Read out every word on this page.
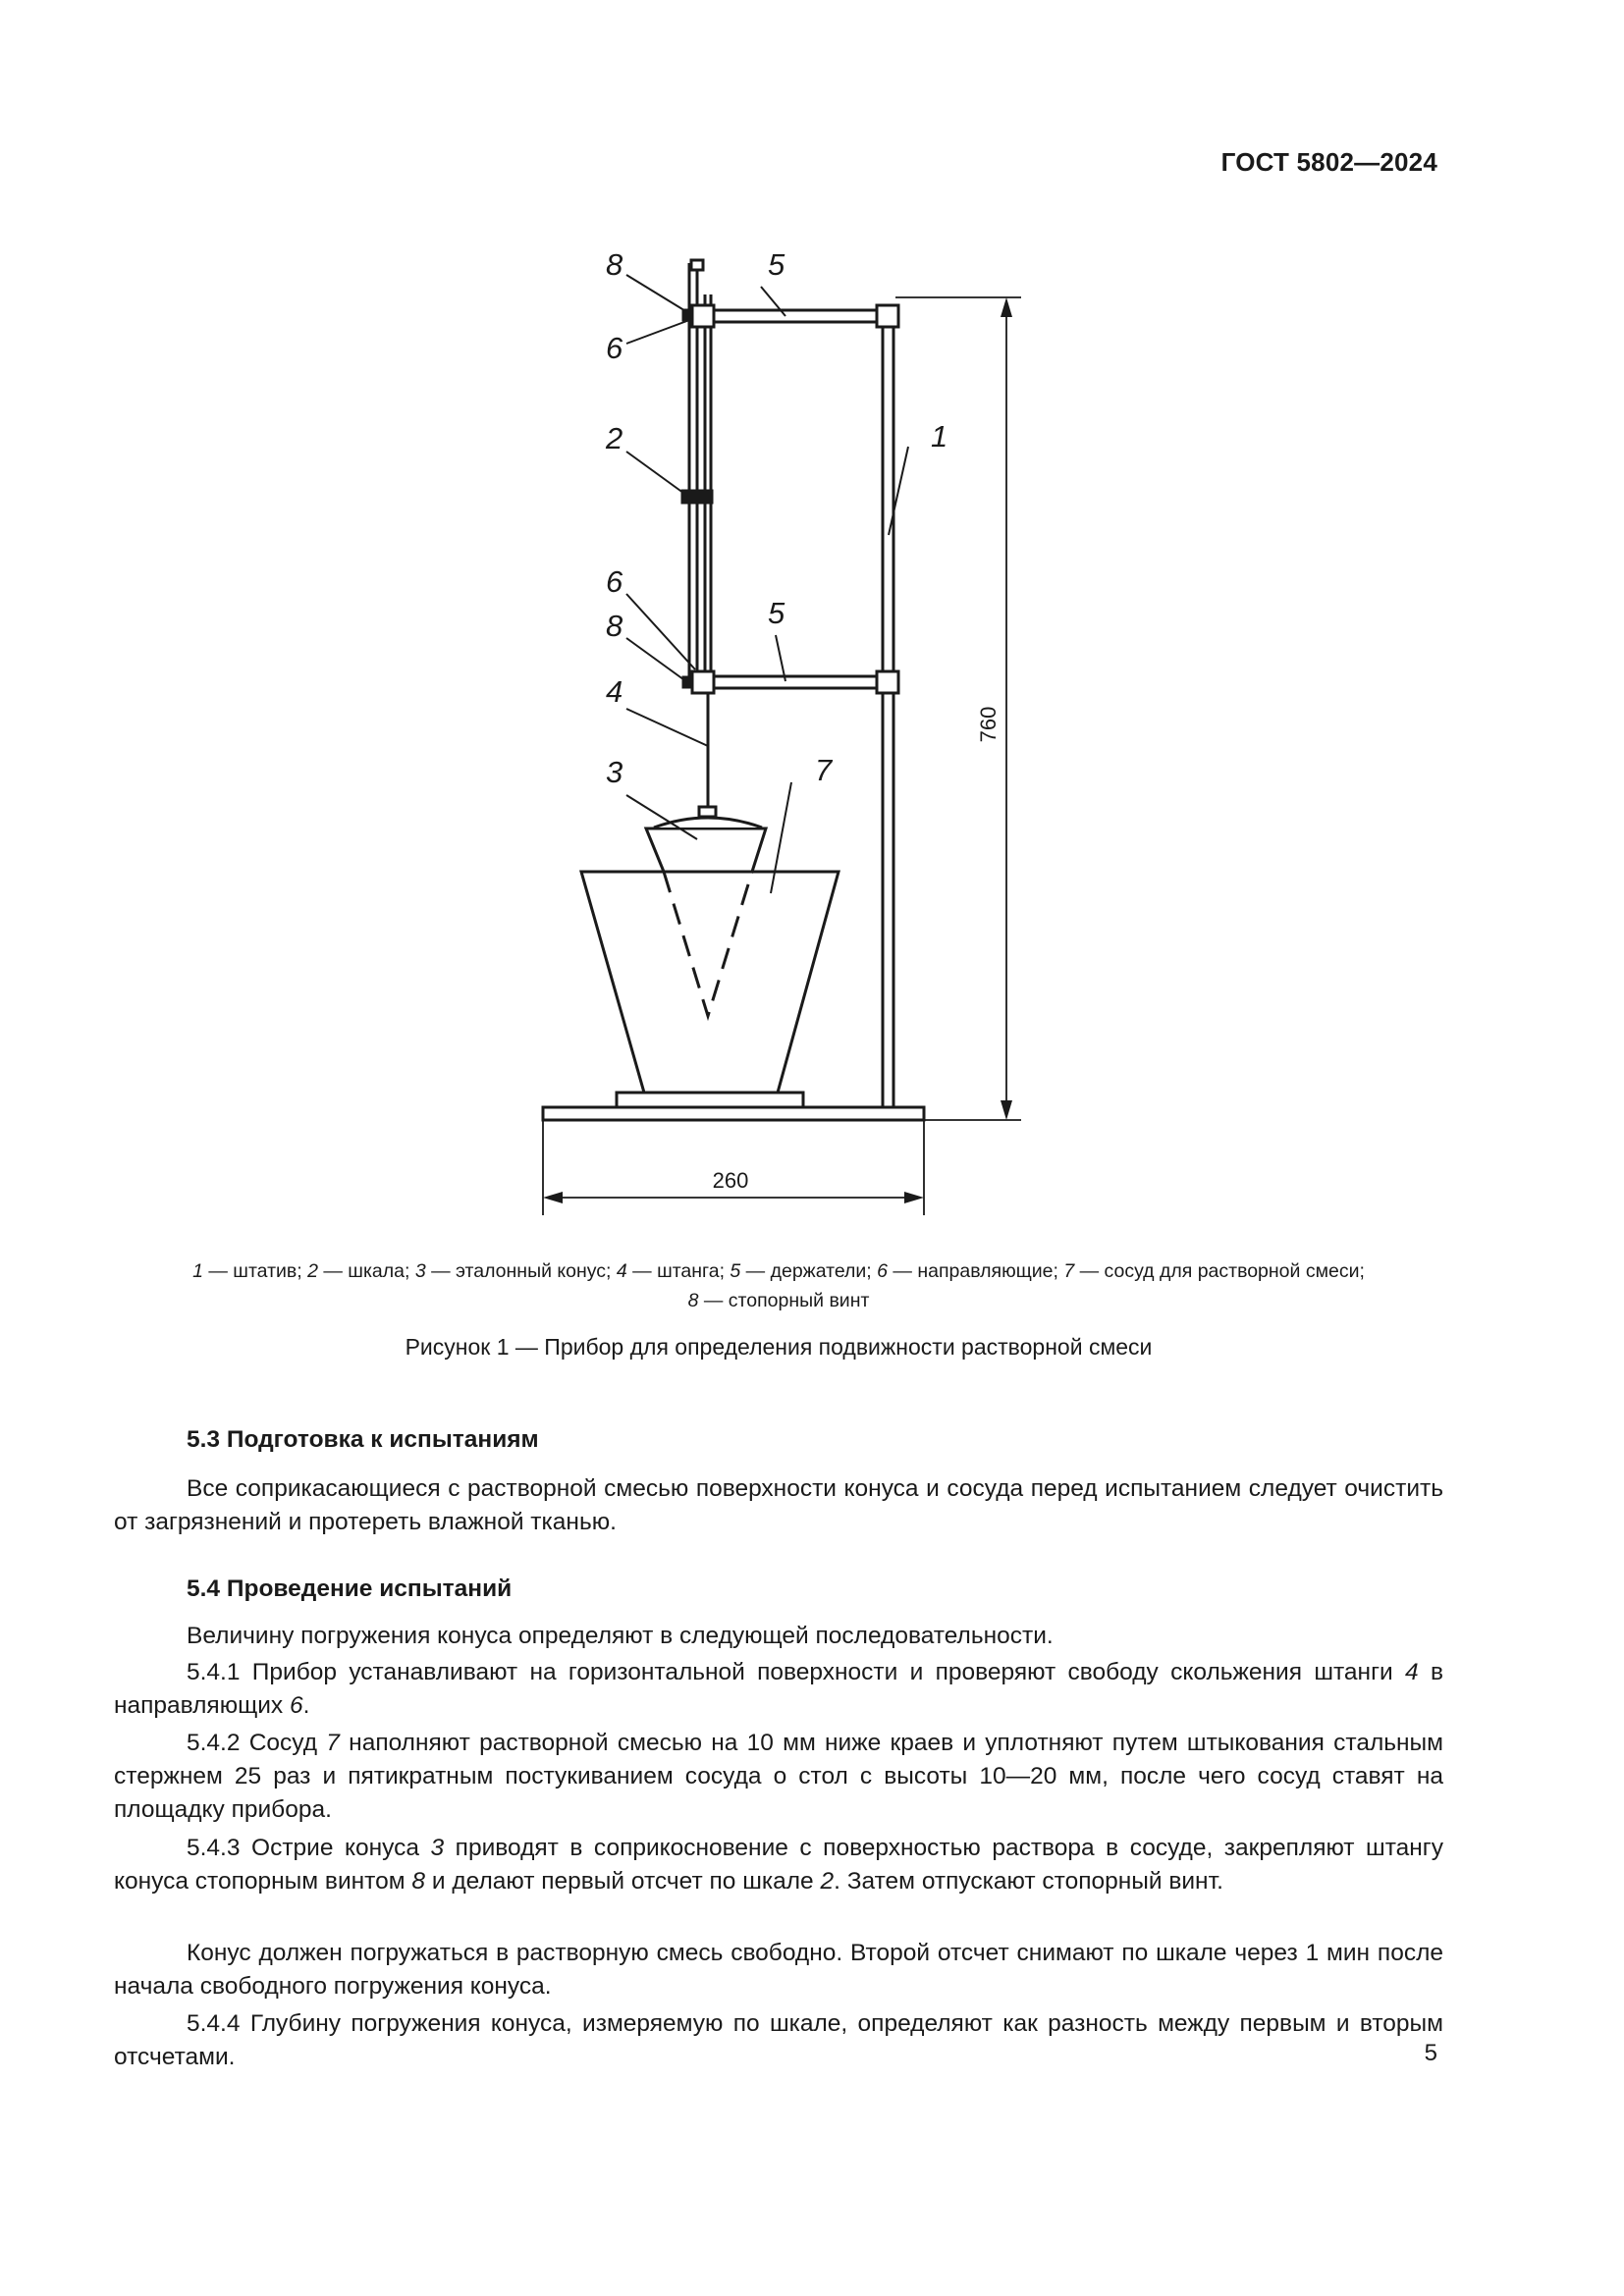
ГОСТ 5802—2024
8
6
2
6
8
4
3
5
5
1
7
760
260
1 — штатив; 2 — шкала; 3 — эталонный конус; 4 — штанга; 5 — держатели; 6 — направляющие; 7 — сосуд для растворной смеси;
8 — стопорный винт
Рисунок 1 — Прибор для определения подвижности растворной смеси
5.3 Подготовка к испытаниям
Все соприкасающиеся с растворной смесью поверхности конуса и сосуда перед испытанием следует очистить от загрязнений и протереть влажной тканью.
5.4 Проведение испытаний
Величину погружения конуса определяют в следующей последовательности.
5.4.1 Прибор устанавливают на горизонтальной поверхности и проверяют свободу скольжения штанги 4 в направляющих 6.
5.4.2 Сосуд 7 наполняют растворной смесью на 10 мм ниже краев и уплотняют путем штыкования стальным стержнем 25 раз и пятикратным постукиванием сосуда о стол с высоты 10—20 мм, после чего сосуд ставят на площадку прибора.
5.4.3 Острие конуса 3 приводят в соприкосновение с поверхностью раствора в сосуде, закрепляют штангу конуса стопорным винтом 8 и делают первый отсчет по шкале 2. Затем отпускают стопорный винт.
Конус должен погружаться в растворную смесь свободно. Второй отсчет снимают по шкале через 1 мин после начала свободного погружения конуса.
5.4.4 Глубину погружения конуса, измеряемую по шкале, определяют как разность между первым и вторым отсчетами.	5
